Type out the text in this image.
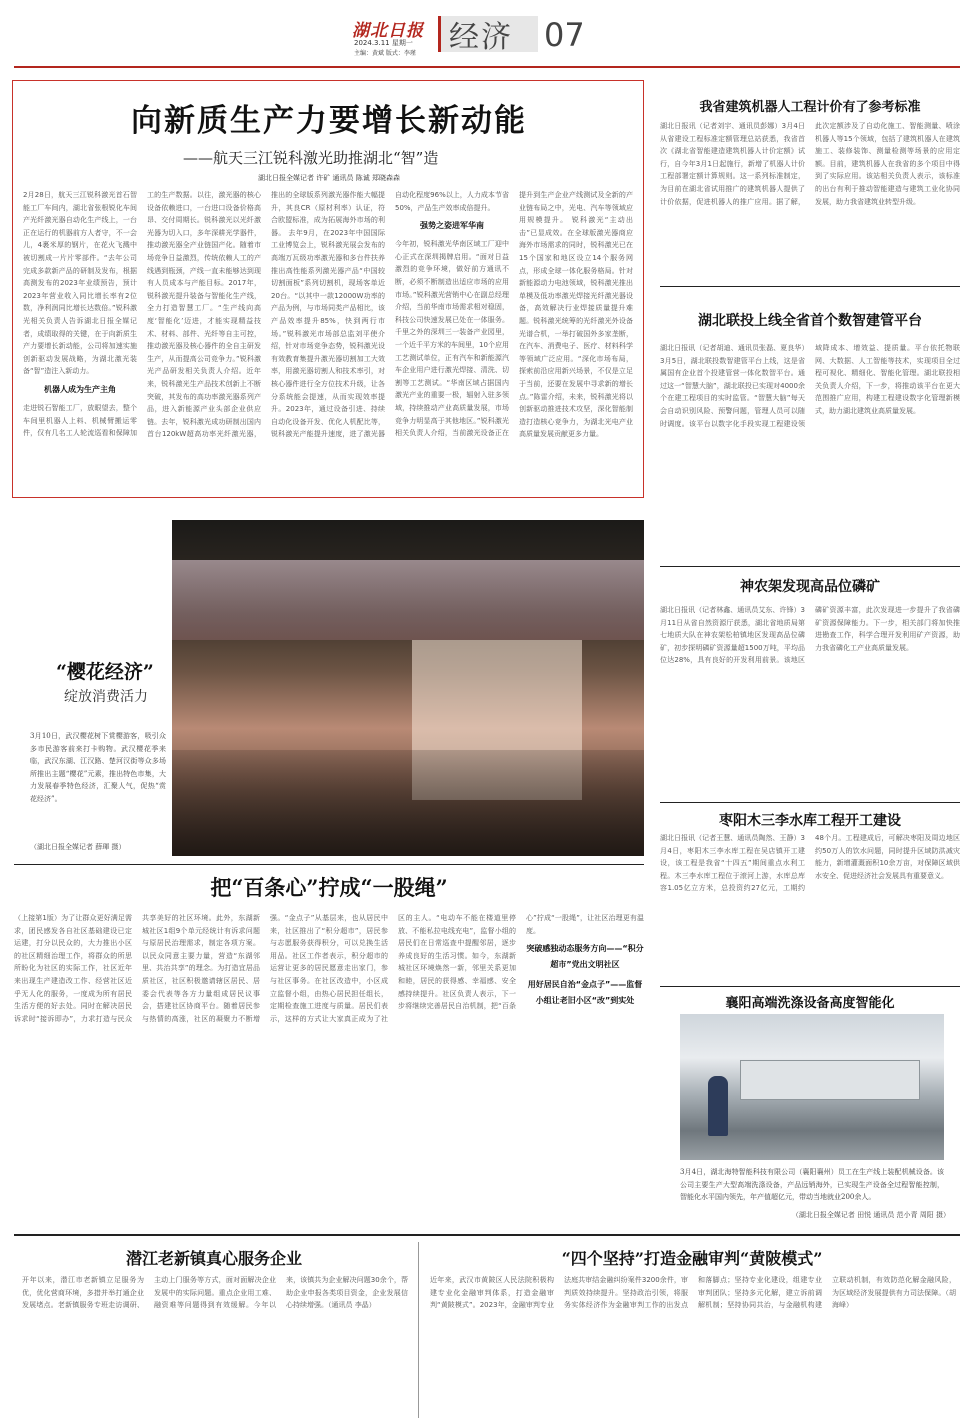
湖北日报
2024.3.11 星期一
主编：黄斌 版式：李瑾 经济 07
向新质生产力要增长新动能
——航天三江锐科激光助推湖北“智”造
湖北日报全媒记者 许矿 通讯员 陈诚 郑晓森森
2月28日，航天三江锐科激光首石智能工厂车间内，湖北省张根锐化车间产光纤激光器自动化生产线上，一台正在运行的机器前方人者守，不一会儿，4裹米厚的钢片，在花火飞溅中被切割成一片片零部件。“去年公司完成多款新产品的研制及发布，根据高测发布的2023年业绩预告，预计2023年营业收入同比增长率有2位数，净利润同比增长达数倍。”锐科激光相关负责人告诉湖北日报全媒记者，成绩取得的关键，在于向新质生产力要增长新动能，公司将加速实施创新驱动发展战略，为湖北激光装备“智”造注入新动力。
机器人成为生产主角
走进锐石智能工厂，放眼望去，整个车间里机器人上料、机械臂搬运零件，仅有几名工人轮流巡看和保障加工的生产数据。以往，激光器的核心设备依赖进口，一台进口设备价格高昂、交付周期长。锐科激光以光纤激光器为切入口，多年深耕光学器件，推动激光器全产业链国产化。随着市场竞争日益激烈，传统依赖人工的产线遇到瓶颈，产线一直未能够达到现有人员成本与产能目标。2017年，锐科激光提升装备与智能化生产线，全力打造智慧工厂。“生产线向高度‘智能化’迈进，才能实现精益技术、材料、部件、光纤等自主可控，推动激光器及核心器件的全自主研发生产，从而提高公司竞争力。”锐科激光产品研发相关负责人介绍。近年来，锐科激光生产品技术创新上不断突破，其发布的高功率激光器系列产品，进入新能源产业头部企业供应链。去年，锐科激光成功研制出国内首台120kW超高功率光纤激光器，推出的全球版系列激光器作能大幅提升，其良CR（原材利率）认证，符合欧盟标准，成为拓展海外市场的利器。 去年9月，在2023年中国国际工业博览会上，锐科激光展会发布的高端万瓦级功率激光器和多台件扶养推出高性能系列激光器产品“中国较切割面板”系列切割机，现场客单近20台。“以其中一款12000W功率的产品为例，与市场同类产品相比，该产品效率提升85%，快到两行市场。”锐科激光市场部总监刘平使介绍，针对市场竞争态势，锐科激光设有效教育集提升激光器切割加工大效率，用激光器切割人和技术率引，对核心器件进行全方位技术升级，让各分系统能会提速，从而实现效率提升。2023年，通过设备引进、持续自动化设备开发、优化人机配比等，锐科激光产能提升速度，进了激光器自动化程度96%以上，人力成本节省50%，产品生产效率成倍提升。
强势之姿进军华南
今年初，锐科激光华南区域工厂迎中心正式在深圳揭牌启用。“面对日益激烈的竞争环境，做好前方通讯不断，必须不断制造出适应市场的应用市场。”锐科激光营销中心在副总经理介绍，当前华南市场需求相对稳固，科技公司快速发展已处在一体服务。千里之外的深圳三一装备产业园里，一个近千平方米的车间里，10个应用工艺测试单位，正有汽车和新能源汽车企业用户进行激光焊接、清洗、切割等工艺测试。“华南区域占据国内激光产业的重要一极，辐射入驻多领域，持续推动产业高质量发展，市场竞争力明显高于其他地区。”锐科激光相关负责人介绍，当前激光设备正在提升到生产企业产线测试及全新的产业链布局之中，光电、汽车等领域应用规模提升。 锐科激光“主动出击”已显成效。在全球版激光器商应海外市场需求的同时，锐科激光已在15个国家和地区设立14个服务网点，形成全球一体化服务格局。针对新能源动力电池领域，锐科激光推出单模及低功率激光焊接光纤激光器设备，高效解决行业焊接质量提升难题。锐科激光统筹的光纤激光外设备光谱合机，一举打破国外多家垄断，在汽车、消费电子、医疗、材料科学等领域广泛应用。“深化市场布局，探索前沿应用新兴场景，不仅是立足于当前，还要在发展中寻求新的增长点。”陈雷介绍，未来，锐科激光将以创新驱动推进技术攻坚，深化智能制造打造核心竞争力，为湖北光电产业高质量发展贡献更多力量。
“樱花经济”
绽放消费活力
3月10日，武汉樱花树下赏樱游客，吸引众多市民游客前来打卡购物。武汉樱花季来临，武汉东湖、江汉路、楚河汉街等众多场所推出主题“樱花”元素，推出特色市集，大力发展春季特色经济，汇聚人气，促热“赏花经济”。
（湖北日报全媒记者 薛琿 摄）
把“百条心”拧成“一股绳”
（上接第1版）为了让群众更好满足需求，团民感发各自社区基础建设已定运建，打分以民众的，大力推出小区的社区精细治理工作，将群众的所思所盼化为社区的实际工作，社区近年来出现生产建造改工作、经营社区近乎无人化的服务，一度成为所有居民生活方便的好去处。同时在解决居民诉求时“接诉即办”，力求打造与民众共享美好的社区环境。此外，东湖新城社区1组9个单元经统计有诉求问题与原居民治理需求，制定各项方案。以民众同意主要力量，营造“东湖邻里、共治共享”的理念。为打造宜居品质社区，社区积极邀请辖区居民、居委会代表等各方力量组成居民议事会，搭建社区协商平台。随着居民参与热情的高涨，社区的凝聚力不断增强。“金点子”从基层来，也从居民中来，社区推出了“积分超市”，居民参与志愿服务获得积分，可以兑换生活用品。社区工作者表示，积分超市的运营让更多的居民愿意走出家门，参与社区事务。在社区改造中，小区成立监督小组，由热心居民担任组长，定期检查施工进度与质量。居民们表示，这样的方式让大家真正成为了社区的主人。“电动车不能在楼道里停放、不能私拉电线充电”，监督小组的居民们在日常巡查中提醒邻居，逐步养成良好的生活习惯。如今，东湖新城社区环境焕然一新，邻里关系更加和睦，居民的获得感、幸福感、安全感持续提升。社区负责人表示，下一步将继续完善居民自治机制，把“百条心”拧成“一股绳”，让社区治理更有温度。
突破感独动态服务方向——“积分超市”党出文明社区
用好居民自治“金点子”——监督小组让老旧小区“改”到实处
我省建筑机器人工程计价有了参考标准
湖北日报讯（记者刘宇、通讯员彭娜）3月4日从省建设工程标准定额管理总站获悉，我省首次《湖北省智能建造建筑机器人计价定额》试行，自今年3月1日起施行，新增了机器人计价工程部署定额计算规则。这一系列标准制定，为目前在湖北省试用推广的建筑机器人提供了计价依据，促进机器人的推广应用。据了解，此次定额涉及了自动化施工、智能测量、喷涂机器人等15个领域，包括了建筑机器人在建筑施工、装修装饰、测量检测等场景的应用定额。目前，建筑机器人在我省的多个项目中得到了实际应用。该站相关负责人表示，该标准的出台有利于推动智能建造与建筑工业化协同发展，助力我省建筑业转型升级。
湖北联投上线全省首个数智建管平台
湖北日报讯（记者胡迪、通讯员张磊、夏良华）3月5日，湖北联投数智建管平台上线，这是省属国有企业首个投建管营一体化数智平台。通过这一“智慧大脑”，湖北联投已实现对4000余个在建工程项目的实时监管。“智慧大脑”每天会自动识别风险、预警问题，管理人员可以随时调度。该平台以数字化手段实现工程建设领域降成本、增效益、提质量。平台依托物联网、大数据、人工智能等技术，实现项目全过程可视化、精细化、智能化管理。湖北联投相关负责人介绍，下一步，将推动该平台在更大范围推广应用，构建工程建设数字化管理新模式，助力湖北建筑业高质量发展。
神农架发现高品位磷矿
湖北日报讯（记者林鑫、通讯员艾东、许锋）3月11日从省自然资源厅获悉，湖北省地质局第七地质大队在神农架松柏镇地区发现高品位磷矿，初步探明磷矿资源量超1500万吨，平均品位达28%，具有良好的开发利用前景。该地区磷矿资源丰富，此次发现进一步提升了我省磷矿资源保障能力。下一步，相关部门将加快推进勘查工作，科学合理开发利用矿产资源，助力我省磷化工产业高质量发展。
枣阳木三李水库工程开工建设
湖北日报讯（记者王慧、通讯员陶然、王静）3月4日，枣阳木三李水库工程在吴店镇开工建设，该工程是我省“十四五”期间重点水利工程。木三李水库工程位于滚河上游，水库总库容1.05亿立方米，总投资约27亿元，工期约48个月。工程建成后，可解决枣阳及周边地区约50万人的饮水问题，同时提升区域防洪减灾能力，新增灌溉面积10余万亩，对保障区域供水安全、促进经济社会发展具有重要意义。
襄阳高端洗涤设备高度智能化
3月4日，湖北海特智能科技有限公司（襄阳襄州）员工在生产线上装配机械设备。该公司主要生产大型高端洗涤设备，产品远销海外，已实现生产设备全过程智能控制，智能化水平国内领先，年产值超亿元，带动当地就业200余人。
（湖北日报全媒记者 田悦 通讯员 范小青 周阳 摄）
潜江老新镇真心服务企业
开年以来，潜江市老新镇立足服务为优，优化营商环境，多措并举打通企业发展堵点。老新镇服务专班走访调研、主动上门服务等方式，面对面解决企业发展中的实际问题。重点企业用工难、融资难等问题得到有效缓解。今年以来，该镇共为企业解决问题30余个，帮助企业申报各类项目资金，企业发展信心持续增强。（通讯员 李晶）
“四个坚持”打造金融审判“黄陂模式”
近年来，武汉市黄陂区人民法院积极构建专业化金融审判体系，打造金融审判“黄陂模式”。2023年，金融审判专业法庭共审结金融纠纷案件3200余件，审判质效持续提升。坚持政治引领，将服务实体经济作为金融审判工作的出发点和落脚点；坚持专业化建设，组建专业审判团队；坚持多元化解，建立诉前调解机制；坚持协同共治，与金融机构建立联动机制，有效防范化解金融风险，为区域经济发展提供有力司法保障。（胡海峰）
